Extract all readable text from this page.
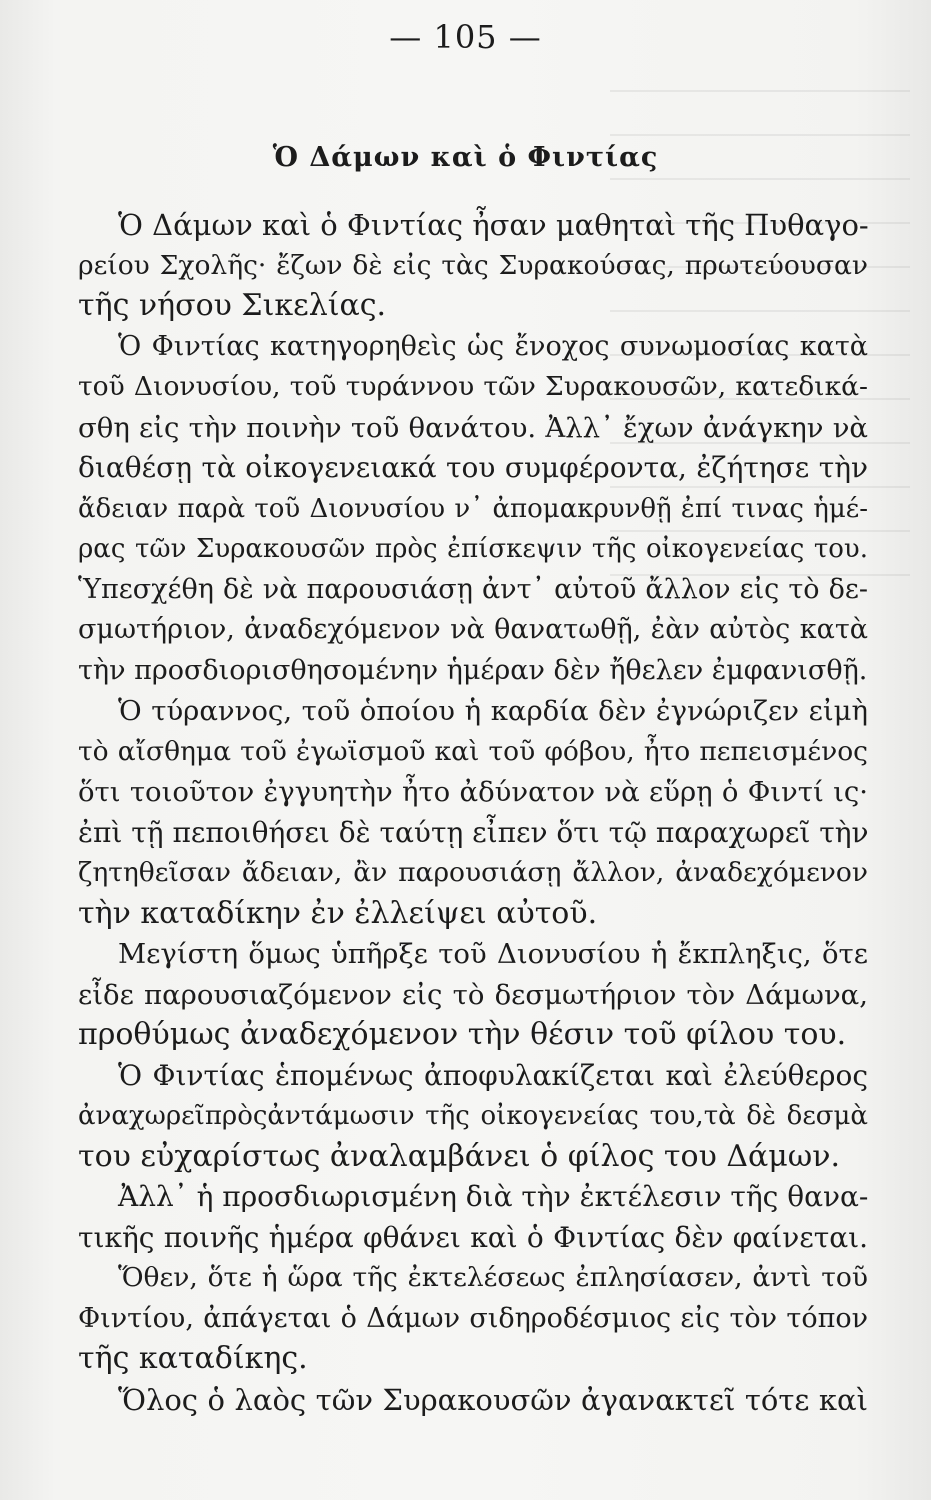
— 105 —
Ὁ Δάμων καὶ ὁ Φιντίας
Ὁ Δάμων καὶ ὁ Φιντίας ἦσαν μαθηταὶ τῆς Πυθαγο-
ρείου Σχολῆς· ἔζων δὲ εἰς τὰς Συρακούσας, πρωτεύουσαν
τῆς νήσου Σικελίας.
Ὁ Φιντίας κατηγορηθεὶς ὡς ἔνοχος συνωμοσίας κατὰ
τοῦ Διονυσίου, τοῦ τυράννου τῶν Συρακουσῶν, κατεδικά-
σθη εἰς τὴν ποινὴν τοῦ θανάτου. Ἀλλ᾽ ἔχων ἀνάγκην νὰ
διαθέσῃ τὰ οἰκογενειακά του συμφέροντα, ἐζήτησε τὴν
ἄδειαν παρὰ τοῦ Διονυσίου ν᾽ ἀπομακρυνθῇ ἐπί τινας ἡμέ-
ρας τῶν Συρακουσῶν πρὸς ἐπίσκεψιν τῆς οἰκογενείας του.
Ὑπεσχέθη δὲ νὰ παρουσιάσῃ ἀντ᾽ αὐτοῦ ἄλλον εἰς τὸ δε-
σμωτήριον, ἀναδεχόμενον νὰ θανατωθῇ, ἐὰν αὐτὸς κατὰ
τὴν προσδιορισθησομένην ἡμέραν δὲν ἤθελεν ἐμφανισθῇ.
Ὁ τύραννος, τοῦ ὁποίου ἡ καρδία δὲν ἐγνώριζεν εἰμὴ
τὸ αἴσθημα τοῦ ἐγωϊσμοῦ καὶ τοῦ φόβου, ἦτο πεπεισμένος
ὅτι τοιοῦτον ἐγγυητὴν ἦτο ἀδύνατον νὰ εὕρῃ ὁ Φιντί ις·
ἐπὶ τῇ πεποιθήσει δὲ ταύτῃ εἶπεν ὅτι τῷ παραχωρεῖ τὴν
ζητηθεῖσαν ἄδειαν, ἂν παρουσιάσῃ ἄλλον, ἀναδεχόμενον
τὴν καταδίκην ἐν ἐλλείψει αὐτοῦ.
Μεγίστη ὅμως ὑπῆρξε τοῦ Διονυσίου ἡ ἔκπληξις, ὅτε
εἶδε παρουσιαζόμενον εἰς τὸ δεσμωτήριον τὸν Δάμωνα,
προθύμως ἀναδεχόμενον τὴν θέσιν τοῦ φίλου του.
Ὁ Φιντίας ἑπομένως ἀποφυλακίζεται καὶ ἐλεύθερος
ἀναχωρεῖπρὸςἀντάμωσιν τῆς οἰκογενείας του,τὰ δὲ δεσμὰ
του εὐχαρίστως ἀναλαμβάνει ὁ φίλος του Δάμων.
Ἀλλ᾽ ἡ προσδιωρισμένη διὰ τὴν ἐκτέλεσιν τῆς θανα-
τικῆς ποινῆς ἡμέρα φθάνει καὶ ὁ Φιντίας δὲν φαίνεται.
Ὅθεν, ὅτε ἡ ὥρα τῆς ἐκτελέσεως ἐπλησίασεν, ἀντὶ τοῦ
Φιντίου, ἀπάγεται ὁ Δάμων σιδηροδέσμιος εἰς τὸν τόπον
τῆς καταδίκης.
Ὅλος ὁ λαὸς τῶν Συρακουσῶν ἀγανακτεῖ τότε καὶ
